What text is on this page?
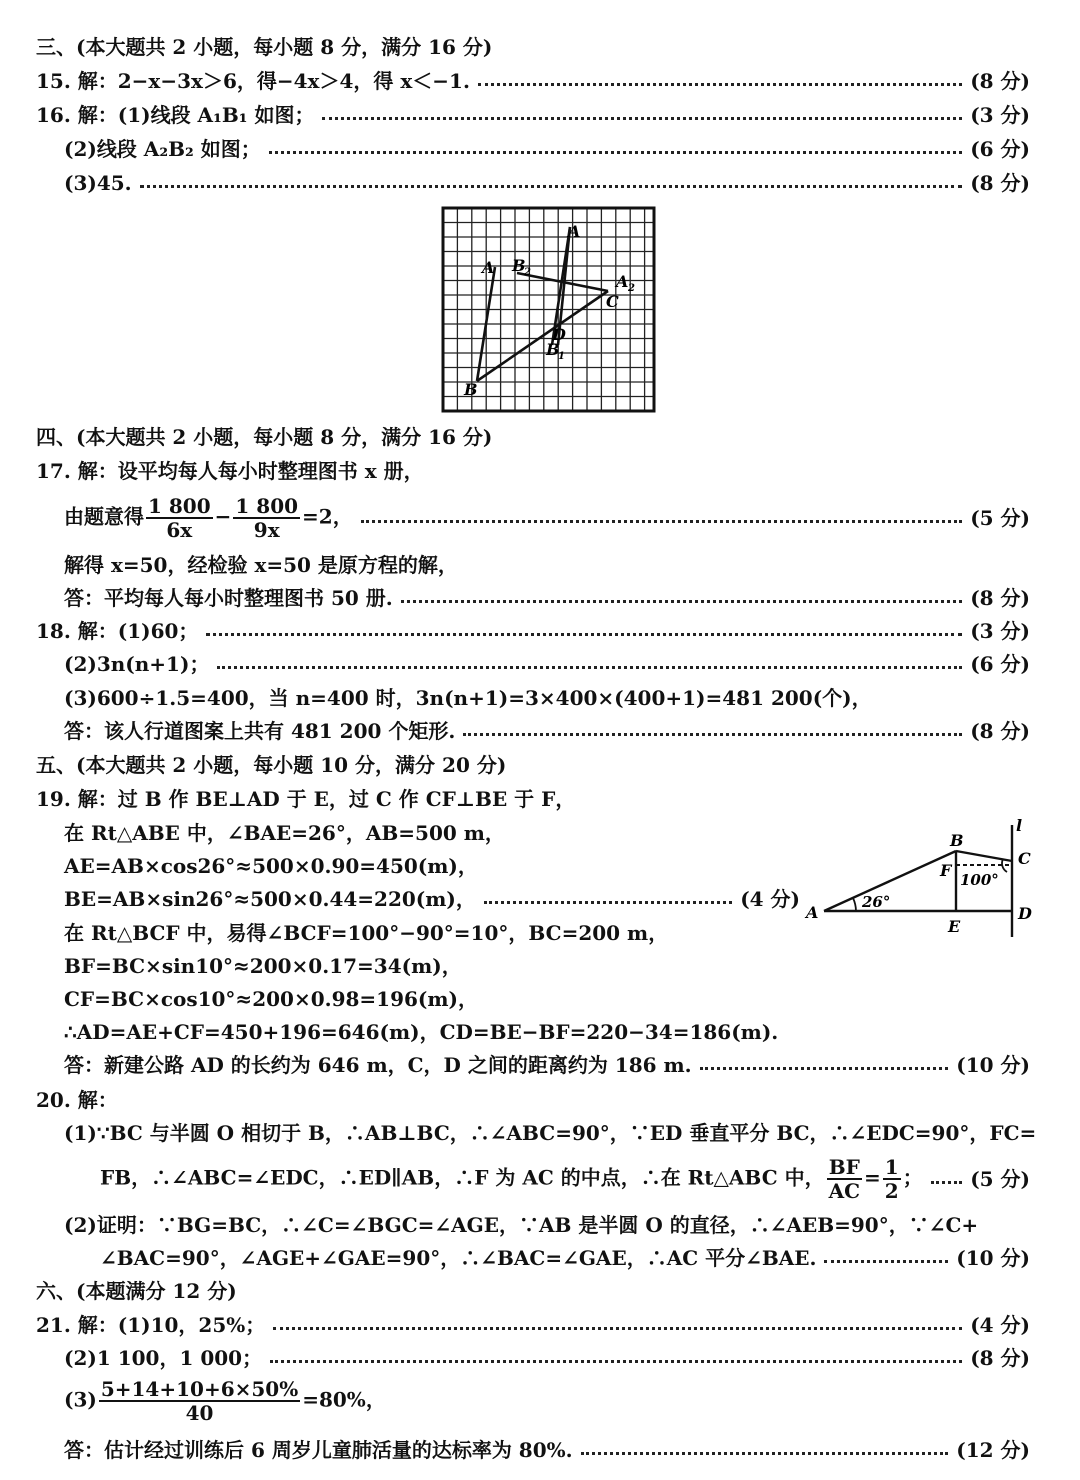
三、(本大题共 2 小题，每小题 8 分，满分 16 分)
15. 解：2−x−3x＞6，得−4x＞4，得 x＜−1.	(8 分)
16. 解：(1)线段 A₁B₁ 如图；	(3 分)
(2)线段 A₂B₂ 如图；	(6 分)
(3)45.	(8 分)
A
B
C
D
A
B
2	A 2
B
1
四、(本大题共 2 小题，每小题 8 分，满分 16 分)
17. 解：设平均每人每小时整理图书 x 册，
由题意得 $\frac{1 800}{6x} - \frac{1 800}{9x} =2$，	(5 分)
解得 x=50，经检验 x=50 是原方程的解，
答：平均每人每小时整理图书 50 册.	(8 分)
18. 解：(1)60；	(3 分)
(2)3n(n+1)；	(6 分)
(3)600÷1.5=400，当 n=400 时，3n(n+1)=3×400×(400+1)=481 200(个)，
答：该人行道图案上共有 481 200 个矩形.	(8 分)
五、(本大题共 2 小题，每小题 10 分，满分 20 分)
19. 解：过 B 作 BE⊥AD 于 E，过 C 作 CF⊥BE 于 F，
在 Rt△ABE 中，∠BAE=26°，AB=500 m，
AE=AB×cos26°≈500×0.90=450(m)，
BE=AB×sin26°≈500×0.44=220(m)，	(4 分)
在 Rt△BCF 中，易得∠BCF=100°−90°=10°，BC=200 m，
BF=BC×sin10°≈200×0.17=34(m)，
CF=BC×cos10°≈200×0.98=196(m)，
∴AD=AE+CF=450+196=646(m)，CD=BE−BF=220−34=186(m).
答：新建公路 AD 的长约为 646 m，C，D 之间的距离约为 186 m.	(10 分)
A
B
C
D
E
F
l
26°
100°
20. 解：
(1)∵BC 与半圆 O 相切于 B，∴AB⊥BC，∴∠ABC=90°，∵ED 垂直平分 BC，∴∠EDC=90°，FC=
FB，∴∠ABC=∠EDC，∴ED∥AB，∴F 为 AC 的中点，∴在 Rt△ABC 中， $\frac{BF}{AC} = \frac{1}{2}$ ； (5 分)
(2)证明：∵BG=BC，∴∠C=∠BGC=∠AGE，∵AB 是半圆 O 的直径，∴∠AEB=90°，∵∠C+
∠BAC=90°，∠AGE+∠GAE=90°，∴∠BAC=∠GAE，∴AC 平分∠BAE.	(10 分)
六、(本题满分 12 分)
21. 解：(1)10，25%；	(4 分)
(2)1 100，1 000；	(8 分)
$(3) \frac{5+14+10+6\times 50\%}{40} =80\%$，
答：估计经过训练后 6 周岁儿童肺活量的达标率为 80%.	(12 分)
